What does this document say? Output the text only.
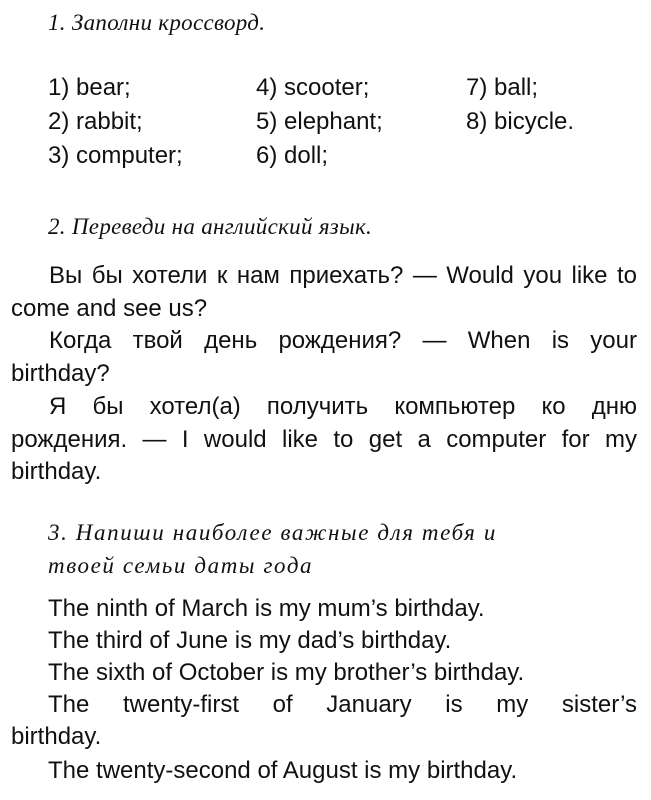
1. Заполни кроссворд.
1) bear;
2) rabbit;
3) computer;
4) scooter;
5) elephant;
6) doll;
7) ball;
8) bicycle.
2. Переведи на английский язык.
Вы бы хотели к нам приехать? — Would you like to come and see us?
Когда твой день рождения? — When is your birthday?
Я бы хотел(а) получить компьютер ко дню рождения. — I would like to get a computer for my birthday.
3. Напиши наиболее важные для тебя и
твоей семьи даты года
The ninth of March is my mum’s birthday.
The third of June is my dad’s birthday.
The sixth of October is my brother’s birthday.
The twenty-first of January is my sister’s
birthday.
The twenty-second of August is my birthday.
